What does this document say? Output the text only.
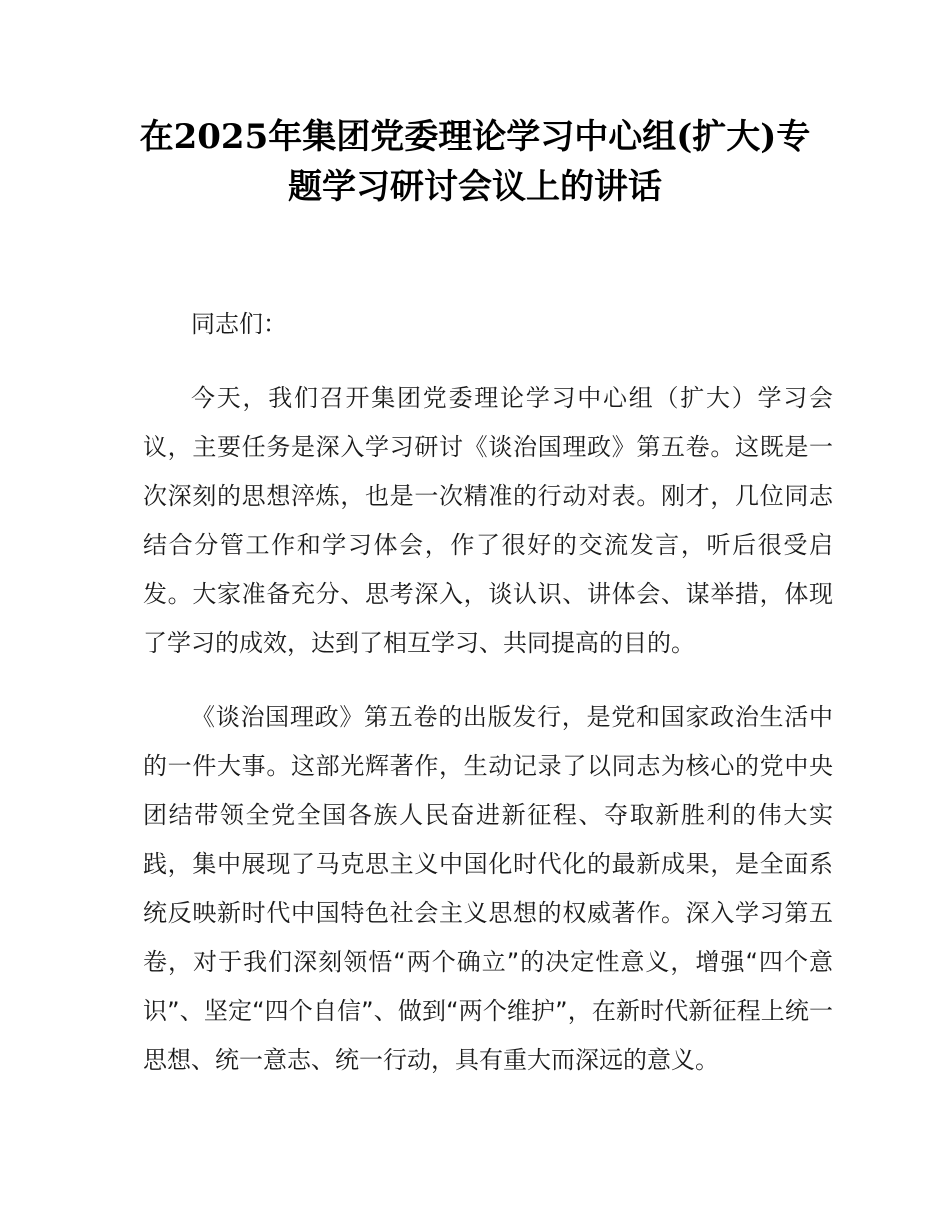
在2025年集团党委理论学习中心组(扩大)专
题学习研讨会议上的讲话

同志们：

今天，我们召开集团党委理论学习中心组（扩大）学习会议，主要任务是深入学习研讨《谈治国理政》第五卷。这既是一次深刻的思想淬炼，也是一次精准的行动对表。刚才，几位同志结合分管工作和学习体会，作了很好的交流发言，听后很受启发。大家准备充分、思考深入，谈认识、讲体会、谋举措，体现了学习的成效，达到了相互学习、共同提高的目的。

《谈治国理政》第五卷的出版发行，是党和国家政治生活中的一件大事。这部光辉著作，生动记录了以同志为核心的党中央团结带领全党全国各族人民奋进新征程、夺取新胜利的伟大实践，集中展现了马克思主义中国化时代化的最新成果，是全面系统反映新时代中国特色社会主义思想的权威著作。深入学习第五卷，对于我们深刻领悟“两个确立”的决定性意义，增强“四个意识”、坚定“四个自信”、做到“两个维护”，在新时代新征程上统一思想、统一意志、统一行动，具有重大而深远的意义。
